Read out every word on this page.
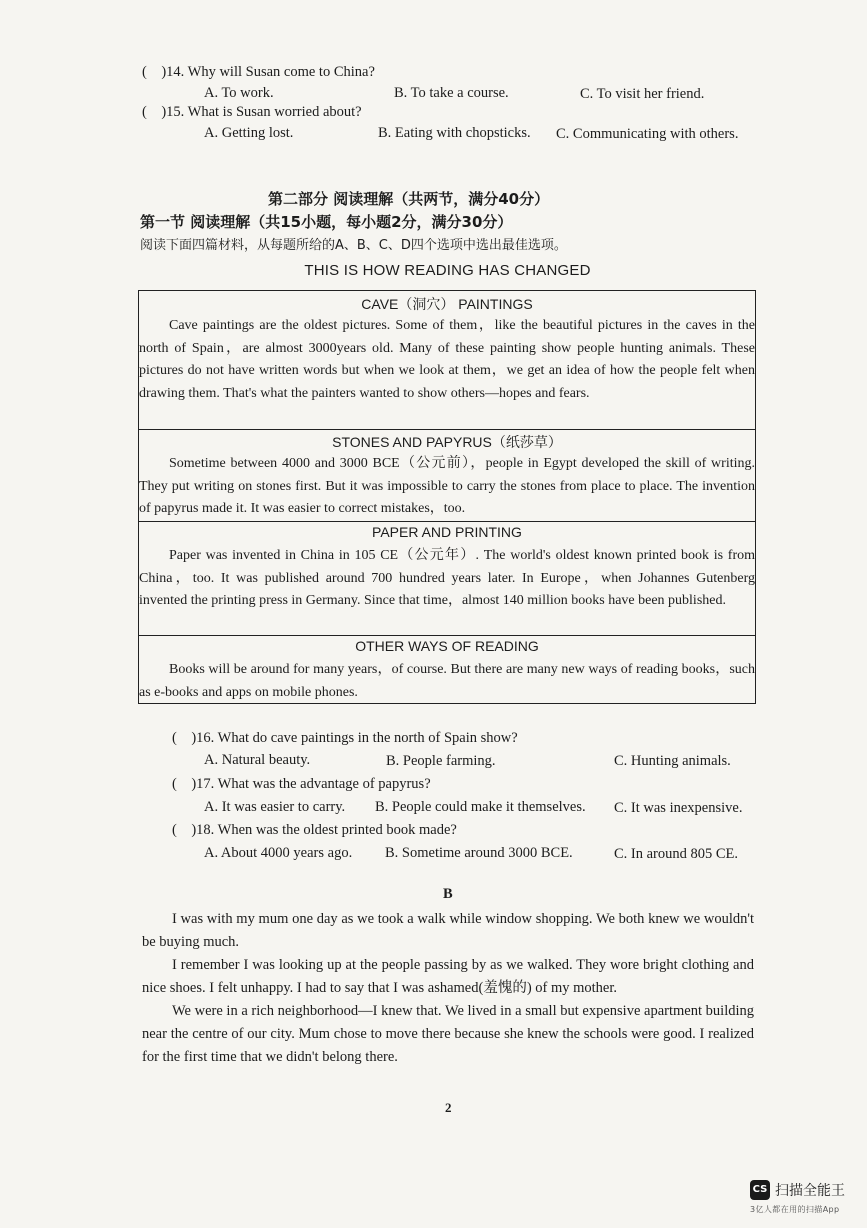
(    )14. Why will Susan come to China?
A. To work.	B. To take a course.	C. To visit her friend.
(    )15. What is Susan worried about?
A. Getting lost.	B. Eating with chopsticks. C. Communicating with others.
第二部分 阅读理解（共两节，满分40分）
第一节 阅读理解（共15小题，每小题2分，满分30分）
阅读下面四篇材料，从每题所给的A、B、C、D四个选项中选出最佳选项。
THIS IS HOW READING HAS CHANGED
CAVE（洞穴） PAINTINGS
Cave paintings are the oldest pictures. Some of them，like the beautiful pictures in the caves in the north of Spain，are almost 3000years old. Many of these painting show people hunting animals. These pictures do not have written words but when we look at them，we get an idea of how the people felt when drawing them. That's what the painters wanted to show others—hopes and fears.
STONES AND PAPYRUS（纸莎草）
Sometime between 4000 and 3000 BCE（公元前），people in Egypt developed the skill of writing. They put writing on stones first. But it was impossible to carry the stones from place to place. The invention of papyrus made it. It was easier to correct mistakes，too.
PAPER AND PRINTING
Paper was invented in China in 105 CE（公元年）. The world's oldest known printed book is from China，too. It was published around 700 hundred years later. In Europe，when Johannes Gutenberg invented the printing press in Germany. Since that time，almost 140 million books have been published.
OTHER WAYS OF READING
Books will be around for many years，of course. But there are many new ways of reading books，such as e-books and apps on mobile phones.
(    )16. What do cave paintings in the north of Spain show?
A. Natural beauty.	B. People farming.	C. Hunting animals.
(    )17. What was the advantage of papyrus?
A. It was easier to carry. B. People could make it themselves. C. It was inexpensive.
(    )18. When was the oldest printed book made?
A. About 4000 years ago. B. Sometime around 3000 BCE.	C. In around 805 CE.
B
I was with my mum one day as we took a walk while window shopping. We both knew we wouldn't be buying much.
I remember I was looking up at the people passing by as we walked. They wore bright clothing and nice shoes. I felt unhappy. I had to say that I was ashamed(羞愧的) of my mother.
We were in a rich neighborhood—I knew that. We lived in a small but expensive apartment building near the centre of our city. Mum chose to move there because she knew the schools were good. I realized for the first time that we didn't belong there.
2
CS 扫描全能王
3亿人都在用的扫描App
